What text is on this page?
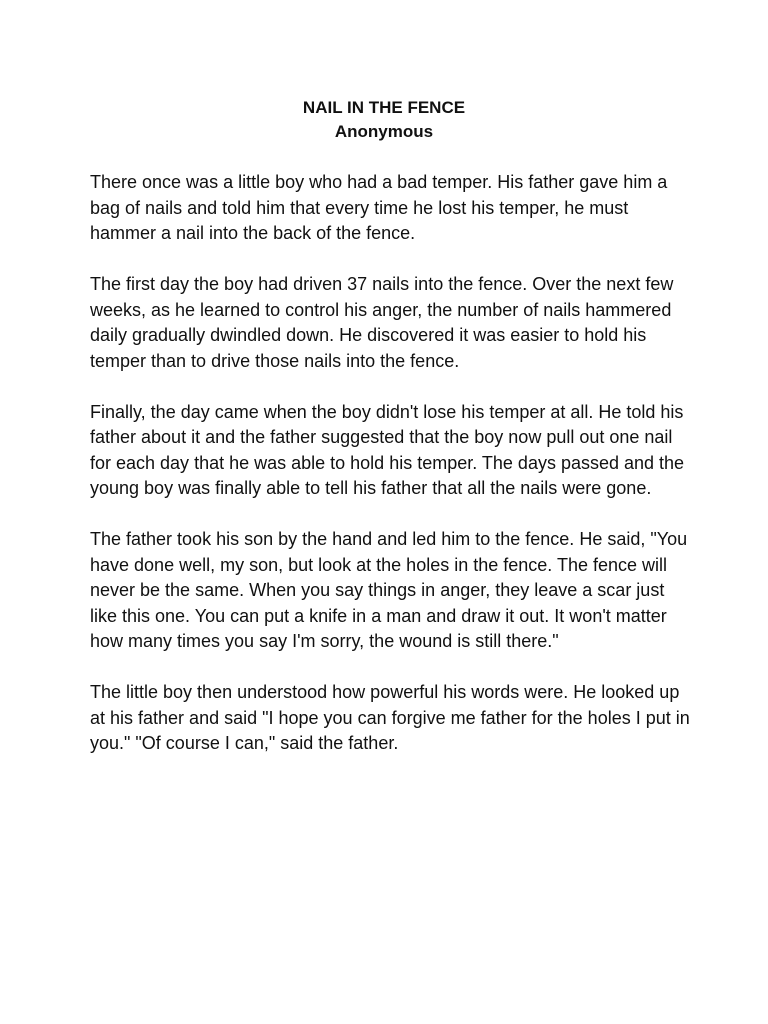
NAIL IN THE FENCE
Anonymous

There once was a little boy who had a bad temper. His father gave him a bag of nails and told him that every time he lost his temper, he must hammer a nail into the back of the fence.

The first day the boy had driven 37 nails into the fence. Over the next few weeks, as he learned to control his anger, the number of nails hammered daily gradually dwindled down. He discovered it was easier to hold his temper than to drive those nails into the fence.

Finally, the day came when the boy didn't lose his temper at all. He told his father about it and the father suggested that the boy now pull out one nail for each day that he was able to hold his temper. The days passed and the young boy was finally able to tell his father that all the nails were gone.

The father took his son by the hand and led him to the fence. He said, "You have done well, my son, but look at the holes in the fence. The fence will never be the same. When you say things in anger, they leave a scar just like this one. You can put a knife in a man and draw it out. It won't matter how many times you say I'm sorry, the wound is still there."

The little boy then understood how powerful his words were. He looked up at his father and said "I hope you can forgive me father for the holes I put in you." "Of course I can," said the father.
